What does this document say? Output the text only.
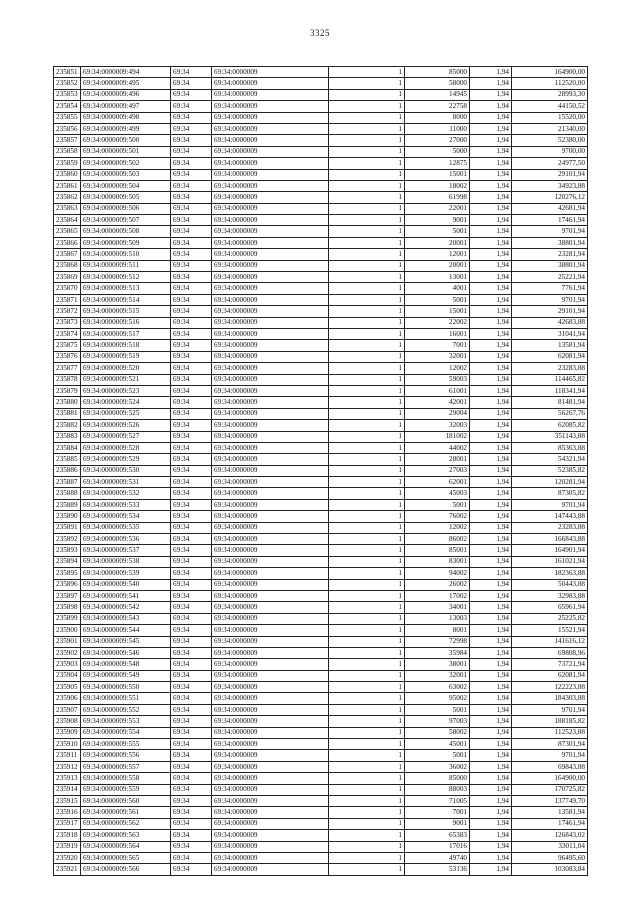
3325
235851	69:34:0000009:494	69:34	69:34:0000009	1	85000	1,94	164900,00
235852	69:34:0000009:495	69:34	69:34:0000009	1	58000	1,94	112520,00
235853	69:34:0000009:496	69:34	69:34:0000009	1	14945	1,94	28993,30
235854	69:34:0000009:497	69:34	69:34:0000009	1	22758	1,94	44150,52
235855	69:34:0000009:498	69:34	69:34:0000009	1	8000	1,94	15520,00
235856	69:34:0000009:499	69:34	69:34:0000009	1	11000	1,94	21340,00
235857	69:34:0000009:500	69:34	69:34:0000009	1	27000	1,94	52380,00
235858	69:34:0000009:501	69:34	69:34:0000009	1	5000	1,94	9700,00
235859	69:34:0000009:502	69:34	69:34:0000009	1	12875	1,94	24977,50
235860	69:34:0000009:503	69:34	69:34:0000009	1	15001	1,94	29101,94
235861	69:34:0000009:504	69:34	69:34:0000009	1	18002	1,94	34923,88
235862	69:34:0000009:505	69:34	69:34:0000009	1	61998	1,94	120276,12
235863	69:34:0000009:506	69:34	69:34:0000009	1	22001	1,94	42681,94
235864	69:34:0000009:507	69:34	69:34:0000009	1	9001	1,94	17461,94
235865	69:34:0000009:508	69:34	69:34:0000009	1	5001	1,94	9701,94
235866	69:34:0000009:509	69:34	69:34:0000009	1	20001	1,94	38801,94
235867	69:34:0000009:510	69:34	69:34:0000009	1	12001	1,94	23281,94
235868	69:34:0000009:511	69:34	69:34:0000009	1	20001	1,94	38801,94
235869	69:34:0000009:512	69:34	69:34:0000009	1	13001	1,94	25221,94
235870	69:34:0000009:513	69:34	69:34:0000009	1	4001	1,94	7761,94
235871	69:34:0000009:514	69:34	69:34:0000009	1	5001	1,94	9701,94
235872	69:34:0000009:515	69:34	69:34:0000009	1	15001	1,94	29101,94
235873	69:34:0000009:516	69:34	69:34:0000009	1	22002	1,94	42683,88
235874	69:34:0000009:517	69:34	69:34:0000009	1	16001	1,94	31041,94
235875	69:34:0000009:518	69:34	69:34:0000009	1	7001	1,94	13581,94
235876	69:34:0000009:519	69:34	69:34:0000009	1	32001	1,94	62081,94
235877	69:34:0000009:520	69:34	69:34:0000009	1	12002	1,94	23283,88
235878	69:34:0000009:521	69:34	69:34:0000009	1	59003	1,94	114465,82
235879	69:34:0000009:523	69:34	69:34:0000009	1	61001	1,94	118341,94
235880	69:34:0000009:524	69:34	69:34:0000009	1	42001	1,94	81481,94
235881	69:34:0000009:525	69:34	69:34:0000009	1	29004	1,94	56267,76
235882	69:34:0000009:526	69:34	69:34:0000009	1	32003	1,94	62085,82
235883	69:34:0000009:527	69:34	69:34:0000009	1	181002	1,94	351143,88
235884	69:34:0000009:528	69:34	69:34:0000009	1	44002	1,94	85363,88
235885	69:34:0000009:529	69:34	69:34:0000009	1	28001	1,94	54321,94
235886	69:34:0000009:530	69:34	69:34:0000009	1	27003	1,94	52385,82
235887	69:34:0000009:531	69:34	69:34:0000009	1	62001	1,94	120281,94
235888	69:34:0000009:532	69:34	69:34:0000009	1	45003	1,94	87305,82
235889	69:34:0000009:533	69:34	69:34:0000009	1	5001	1,94	9701,94
235890	69:34:0000009:534	69:34	69:34:0000009	1	76002	1,94	147443,88
235891	69:34:0000009:535	69:34	69:34:0000009	1	12002	1,94	23283,88
235892	69:34:0000009:536	69:34	69:34:0000009	1	86002	1,94	166843,88
235893	69:34:0000009:537	69:34	69:34:0000009	1	85001	1,94	164901,94
235894	69:34:0000009:538	69:34	69:34:0000009	1	83001	1,94	161021,94
235895	69:34:0000009:539	69:34	69:34:0000009	1	94002	1,94	182363,88
235896	69:34:0000009:540	69:34	69:34:0000009	1	26002	1,94	50443,88
235897	69:34:0000009:541	69:34	69:34:0000009	1	17002	1,94	32983,88
235898	69:34:0000009:542	69:34	69:34:0000009	1	34001	1,94	65961,94
235899	69:34:0000009:543	69:34	69:34:0000009	1	13003	1,94	25225,82
235900	69:34:0000009:544	69:34	69:34:0000009	1	8001	1,94	15521,94
235901	69:34:0000009:545	69:34	69:34:0000009	1	72998	1,94	141616,12
235902	69:34:0000009:546	69:34	69:34:0000009	1	35984	1,94	69808,96
235903	69:34:0000009:548	69:34	69:34:0000009	1	38001	1,94	73721,94
235904	69:34:0000009:549	69:34	69:34:0000009	1	32001	1,94	62081,94
235905	69:34:0000009:550	69:34	69:34:0000009	1	63002	1,94	122223,88
235906	69:34:0000009:551	69:34	69:34:0000009	1	95002	1,94	184303,88
235907	69:34:0000009:552	69:34	69:34:0000009	1	5001	1,94	9701,94
235908	69:34:0000009:553	69:34	69:34:0000009	1	97003	1,94	188185,82
235909	69:34:0000009:554	69:34	69:34:0000009	1	58002	1,94	112523,88
235910	69:34:0000009:555	69:34	69:34:0000009	1	45001	1,94	87301,94
235911	69:34:0000009:556	69:34	69:34:0000009	1	5001	1,94	9701,94
235912	69:34:0000009:557	69:34	69:34:0000009	1	36002	1,94	69843,88
235913	69:34:0000009:558	69:34	69:34:0000009	1	85000	1,94	164900,00
235914	69:34:0000009:559	69:34	69:34:0000009	1	88003	1,94	170725,82
235915	69:34:0000009:560	69:34	69:34:0000009	1	71005	1,94	137749,70
235916	69:34:0000009:561	69:34	69:34:0000009	1	7001	1,94	13581,94
235917	69:34:0000009:562	69:34	69:34:0000009	1	9001	1,94	17461,94
235918	69:34:0000009:563	69:34	69:34:0000009	1	65383	1,94	126843,02
235919	69:34:0000009:564	69:34	69:34:0000009	1	17016	1,94	33011,04
235920	69:34:0000009:565	69:34	69:34:0000009	1	49740	1,94	96495,60
235921	69:34:0000009:566	69:34	69:34:0000009	1	53136	1,94	103083,84
